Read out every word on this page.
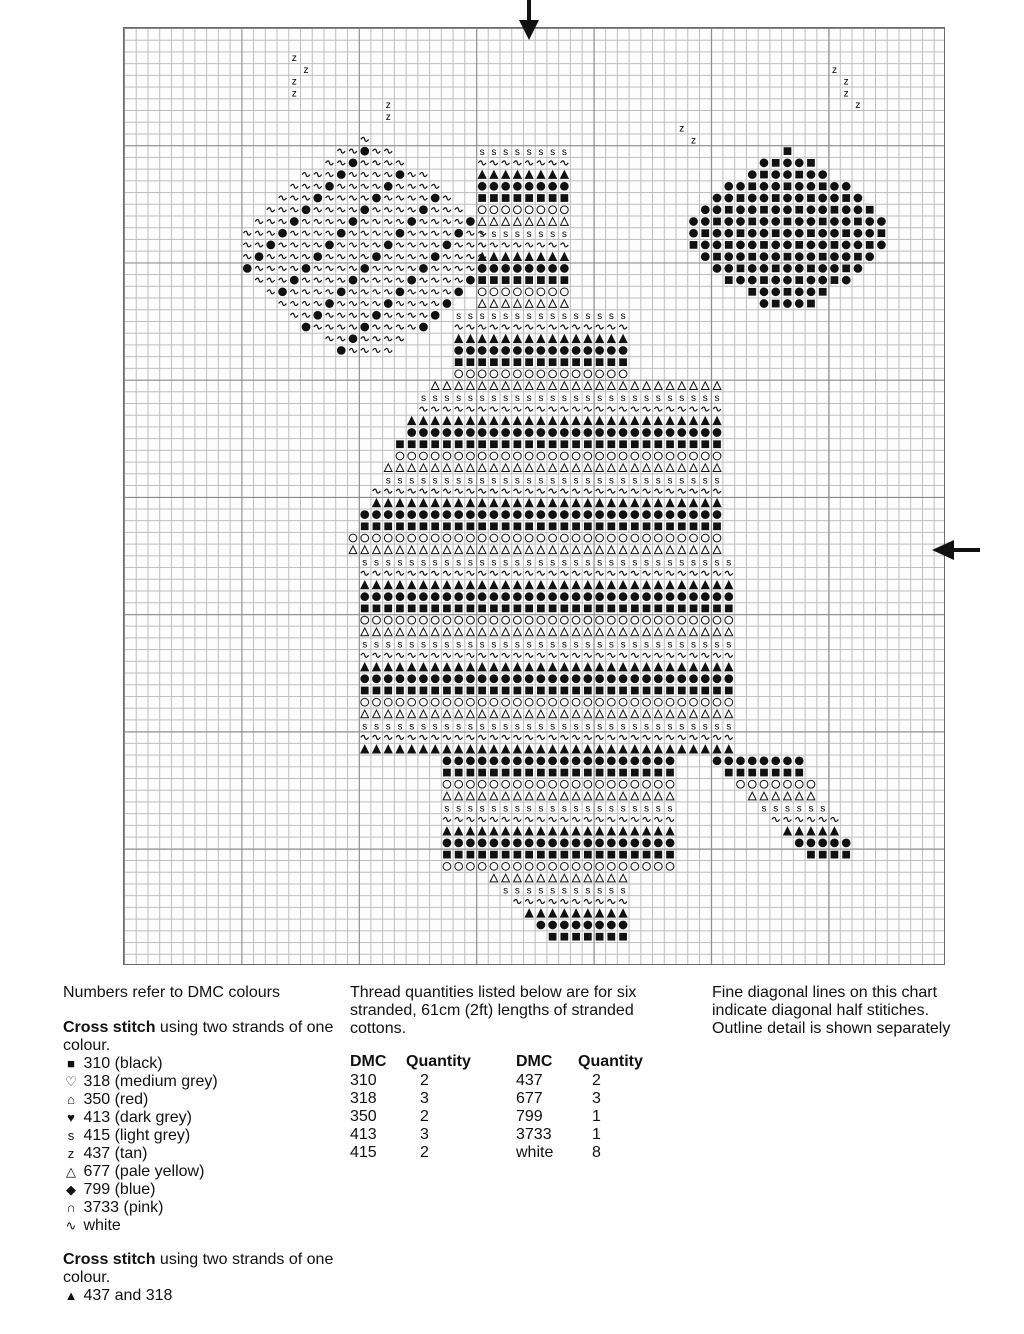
z
z
z
z
z
z
z
z
z
z
z
z
s s s s s s s s
s s s s s s s s
s s s s s s s s s s s s s s s
s s s s s s s s s s s s s s s s s s s s s s s s s s
s s s s s s s s s s s s s s s s s s s s s s s s s s s s s
s s s s s s s s s s s s s s s s s s s s s s s s s s s s s s s s
s s s s s s s s s s s s s s s s s s s s s s s s s s s s s s s s
s s s s s s s s s s s s s s s s s s s s s s s s s s s s s s s s
s s s s s s s s s s s s s s s s s s s s
s s s s s s s s s s s
s s s s s s

Numbers refer to DMC colours

Cross stitch using two strands of one colour.

■ 310 (black)
♡ 318 (medium grey)
⌂ 350 (red)
♥ 413 (dark grey)
s 415 (light grey)
z 437 (tan)
△ 677 (pale yellow)
◆ 799 (blue)
∩ 3733 (pink)
∿ white

Cross stitch using two strands of one colour.

▲ 437 and 318

Thread quantities listed below are for six stranded, 61cm (2ft) lengths of stranded cottons.

DMC	Quantity	DMC	Quantity
310	2	437	2
318	3	677	3
350	2	799	1
413	3	3733	1
415	2	white	8

Fine diagonal lines on this chart indicate diagonal half stitiches. Outline detail is shown separately
